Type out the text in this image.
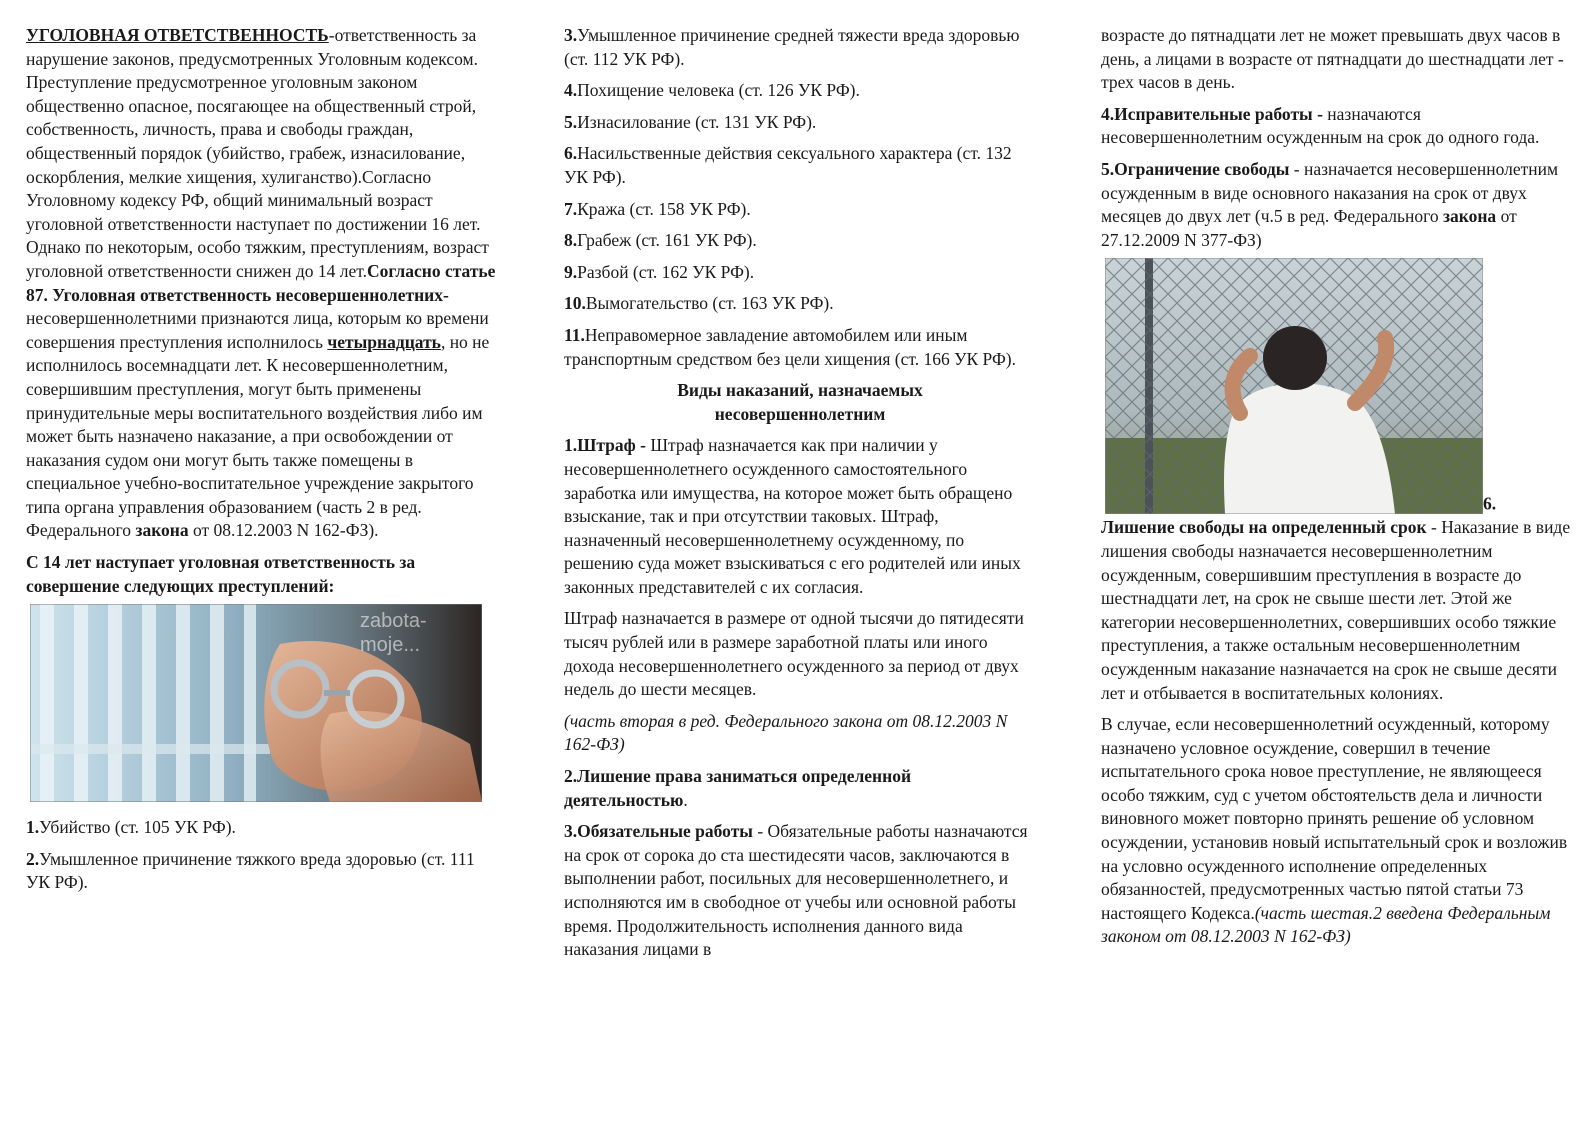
УГОЛОВНАЯ ОТВЕТСТВЕННОСТЬ-ответственность за нарушение законов, предусмотренных Уголовным кодексом. Преступление предусмотренное уголовным законом общественно опасное, посягающее на общественный строй, собственность, личность, права и свободы граждан, общественный порядок (убийство, грабеж, изнасилование, оскорбления, мелкие хищения, хулиганство).Согласно Уголовному кодексу РФ, общий минимальный возраст уголовной ответственности наступает по достижении 16 лет. Однако по некоторым, особо тяжким, преступлениям, возраст уголовной ответственности снижен до 14 лет.Согласно статье 87. Уголовная ответственность несовершеннолетних- несовершеннолетними признаются лица, которым ко времени совершения преступления исполнилось четырнадцать, но не исполнилось восемнадцати лет. К несовершеннолетним, совершившим преступления, могут быть применены принудительные меры воспитательного воздействия либо им может быть назначено наказание, а при освобождении от наказания судом они могут быть также помещены в специальное учебно-воспитательное учреждение закрытого типа органа управления образованием (часть 2 в ред. Федерального закона от 08.12.2003 N 162-ФЗ).

С 14 лет наступает уголовная ответственность за совершение следующих преступлений:

zabota-moje...

1.Убийство (ст. 105 УК РФ).

2.Умышленное причинение тяжкого вреда здоровью (ст. 111 УК РФ).

3.Умышленное причинение средней тяжести вреда здоровью (ст. 112 УК РФ).

4.Похищение человека (ст. 126 УК РФ).

5.Изнасилование (ст. 131 УК РФ).

6.Насильственные действия сексуального характера (ст. 132 УК РФ).

7.Кража (ст. 158 УК РФ).

8.Грабеж (ст. 161 УК РФ).

9.Разбой (ст. 162 УК РФ).

10.Вымогательство (ст. 163 УК РФ).

11.Неправомерное завладение автомобилем или иным транспортным средством без цели хищения (ст. 166 УК РФ).

Виды наказаний, назначаемых несовершеннолетним

1.Штраф - Штраф назначается как при наличии у несовершеннолетнего осужденного самостоятельного заработка или имущества, на которое может быть обращено взыскание, так и при отсутствии таковых. Штраф, назначенный несовершеннолетнему осужденному, по решению суда может взыскиваться с его родителей или иных законных представителей с их согласия.

Штраф назначается в размере от одной тысячи до пятидесяти тысяч рублей или в размере заработной платы или иного дохода несовершеннолетнего осужденного за период от двух недель до шести месяцев.

(часть вторая в ред. Федерального закона от 08.12.2003 N 162-ФЗ)

2.Лишение права заниматься определенной деятельностью.

3.Обязательные работы - Обязательные работы назначаются на срок от сорока до ста шестидесяти часов, заключаются в выполнении работ, посильных для несовершеннолетнего, и исполняются им в свободное от учебы или основной работы время. Продолжительность исполнения данного вида наказания лицами в

возрасте до пятнадцати лет не может превышать двух часов в день, а лицами в возрасте от пятнадцати до шестнадцати лет - трех часов в день.

4.Исправительные работы - назначаются несовершеннолетним осужденным на срок до одного года.

5.Ограничение свободы - назначается несовершеннолетним осужденным в виде основного наказания на срок от двух месяцев до двух лет (ч.5 в ред. Федерального закона от 27.12.2009 N 377-ФЗ)

6.

Лишение свободы на определенный срок - Наказание в виде лишения свободы назначается несовершеннолетним осужденным, совершившим преступления в возрасте до шестнадцати лет, на срок не свыше шести лет. Этой же категории несовершеннолетних, совершивших особо тяжкие преступления, а также остальным несовершеннолетним осужденным наказание назначается на срок не свыше десяти лет и отбывается в воспитательных колониях.

В случае, если несовершеннолетний осужденный, которому назначено условное осуждение, совершил в течение испытательного срока новое преступление, не являющееся особо тяжким, суд с учетом обстоятельств дела и личности виновного может повторно принять решение об условном осуждении, установив новый испытательный срок и возложив на условно осужденного исполнение определенных обязанностей, предусмотренных частью пятой статьи 73 настоящего Кодекса.(часть шестая.2 введена Федеральным законом от 08.12.2003 N 162-ФЗ)
